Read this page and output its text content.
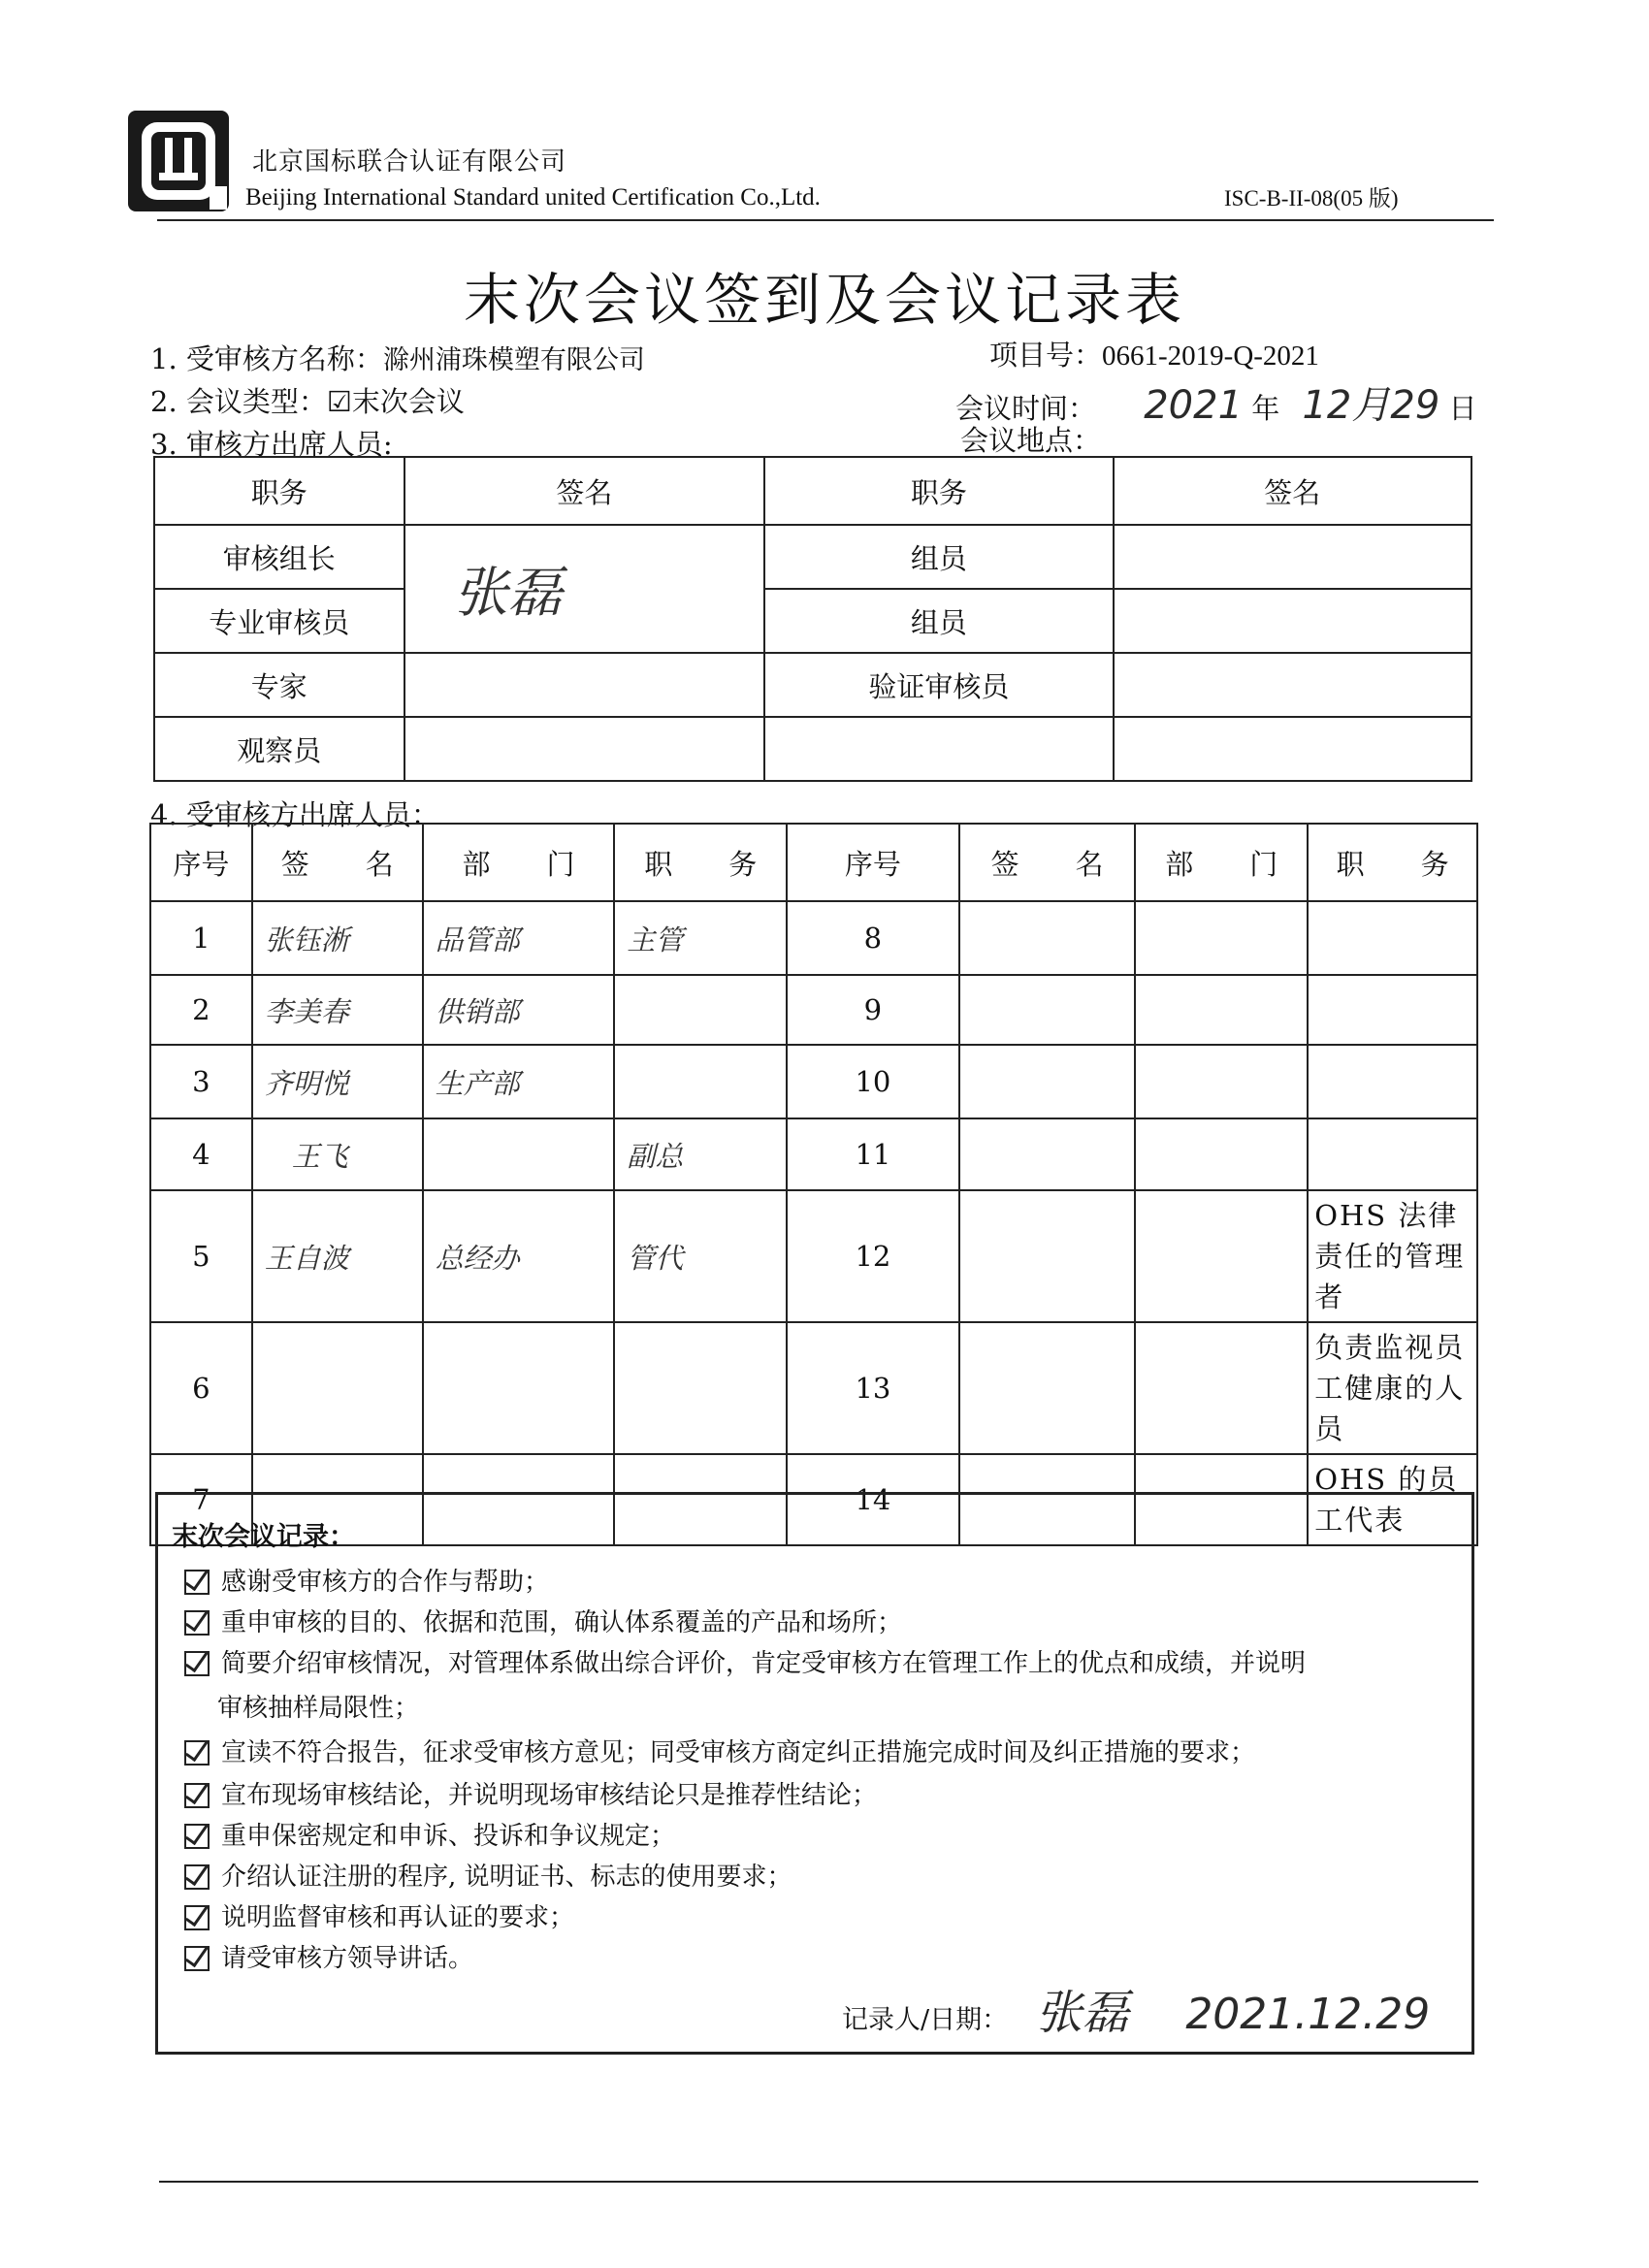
北京国标联合认证有限公司
Beijing International Standard united Certification Co.,Ltd.	ISC-B-II-08(05 版)
末次会议签到及会议记录表
1. 受审核方名称：滁州浦珠模塑有限公司
2. 会议类型：☑末次会议
3. 审核方出席人员:
项目号：0661-2019-Q-2021
会议时间： 2021 年 12月29 日
会议地点：
职务	签名	职务	签名
审核组长	张磊	组员	
专业审核员		组员	
专家		验证审核员	
观察员			
4. 受审核方出席人员：
序号	签　　名	部　　门	职　　务	序号	签　　名	部　　门	职　　务
1	张钰淅	品管部	主管	8			
2	李美春	供销部		9			
3	齐明悦	生产部		10			
4	王飞		副总	11			
5	王自波	总经办	管代	12			OHS 法律责任的管理者
6				13			负责监视员工健康的人员
7				14			OHS 的员工代表
末次会议记录：
感谢受审核方的合作与帮助；
重申审核的目的、依据和范围，确认体系覆盖的产品和场所；
简要介绍审核情况，对管理体系做出综合评价，肯定受审核方在管理工作上的优点和成绩，并说明
审核抽样局限性；
宣读不符合报告，征求受审核方意见；同受审核方商定纠正措施完成时间及纠正措施的要求；
宣布现场审核结论，并说明现场审核结论只是推荐性结论；
重申保密规定和申诉、投诉和争议规定；
介绍认证注册的程序, 说明证书、标志的使用要求；
说明监督审核和再认证的要求；
请受审核方领导讲话。
记录人/日期： 张磊 2021.12.29
